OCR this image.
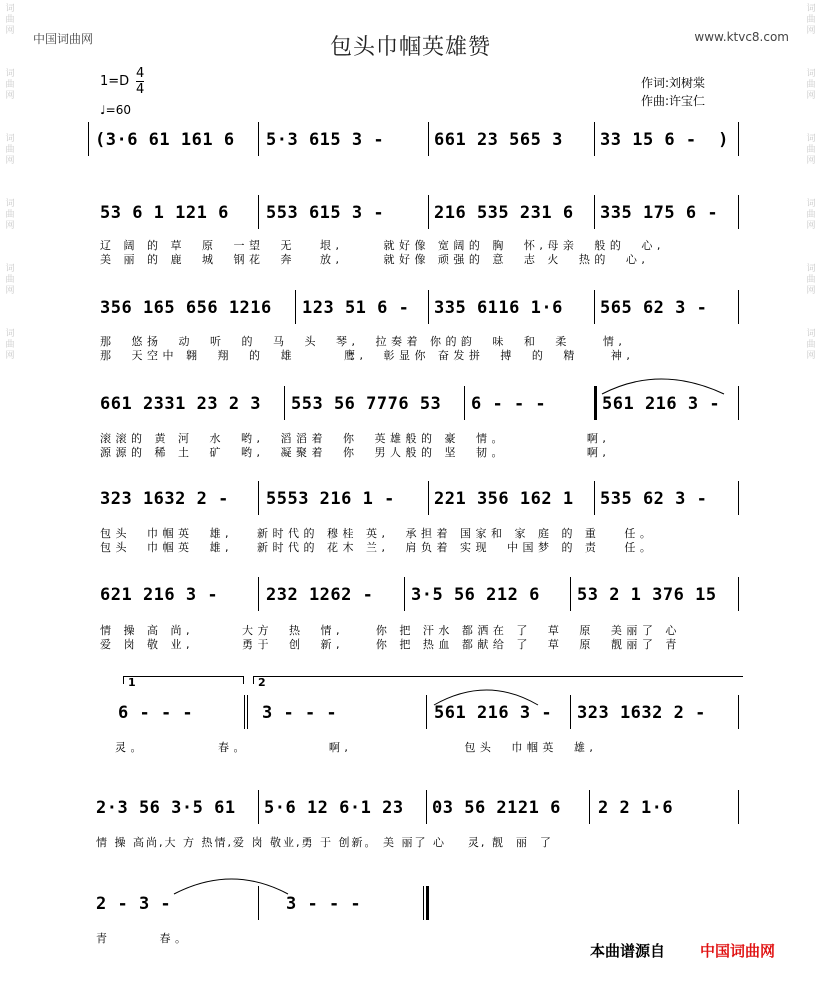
词
曲
网
词
曲
网
词
曲
网
词
曲
网
词
曲
网
词
曲
网
词
曲
网
词
曲
网
词
曲
网
词
曲
网
词
曲
网
词
曲
网
中国词曲网	包头巾帼英雄赞	www.ktvc8.com
1=D
4
4
♩=60
作词:刘树棠
作曲:许宝仁
(3·6 61 161 6 5·3 615 3 -	661 23 565 3 33 15 6 -  )
53 6 1 121 6 553 615 3 -	216 535 231 6 335 175 6 -
辽 阔 的 草  原  一望  无   垠,     就好像 宽阔的 胸  怀,母亲  般的  心,
美 丽 的 鹿  城  钢花  奔   放,     就好像 顽强的 意  志 火  热的  心,
356 165 656 1216 123 51 6 - 335 6116 1·6 565 62 3 -
那  悠扬  动  听  的  马  头  琴,  拉奏着 你的韵  味  和  柔    情,
那  天空中 翱  翔  的  雄      鹰,  彰显你 奋发拼  搏  的  精    神,
661 2331 23 2 3 553 56 7776 53 6 - - -	561 216 3 -
滚滚的 黄 河  水  哟,  滔滔着  你  英雄般的 豪  情。          啊,
源源的 稀 土  矿  哟,  凝聚着  你  男人般的 坚  韧。          啊,
323 1632 2 - 5553 216 1 - 221 356 162 1 535 62 3 -
包头  巾帼英  雄,   新时代的 穆桂 英,  承担着 国家和 家 庭 的 重   任。
包头  巾帼英  雄,   新时代的 花木 兰,  肩负着 实现  中国梦 的 责   任。
621 216 3 -	232 1262 - 3·5 56 212 6 53 2 1 376 15
情 操 高 尚,      大方  热  情,    你 把 汗水 都洒在 了  草  原  美丽了 心
爱 岗 敬 业,      勇于  创  新,    你 把 热血 都献给 了  草  原  靓丽了 青
1	2
6 - - -	3 - - -	561 216 3 - 323 1632 2 -
灵。         春。          啊,              包头  巾帼英  雄,
2·3 56 3·5 61 5·6 12 6·1 23 03 56 2121 6 2 2 1·6
情 操 高尚,大 方 热情,爱 岗 敬业,勇 于 创新。 美 丽了 心    灵, 靓  丽  了
2 - 3 -	3 - - -
青      春。
本曲谱源自 中国词曲网
